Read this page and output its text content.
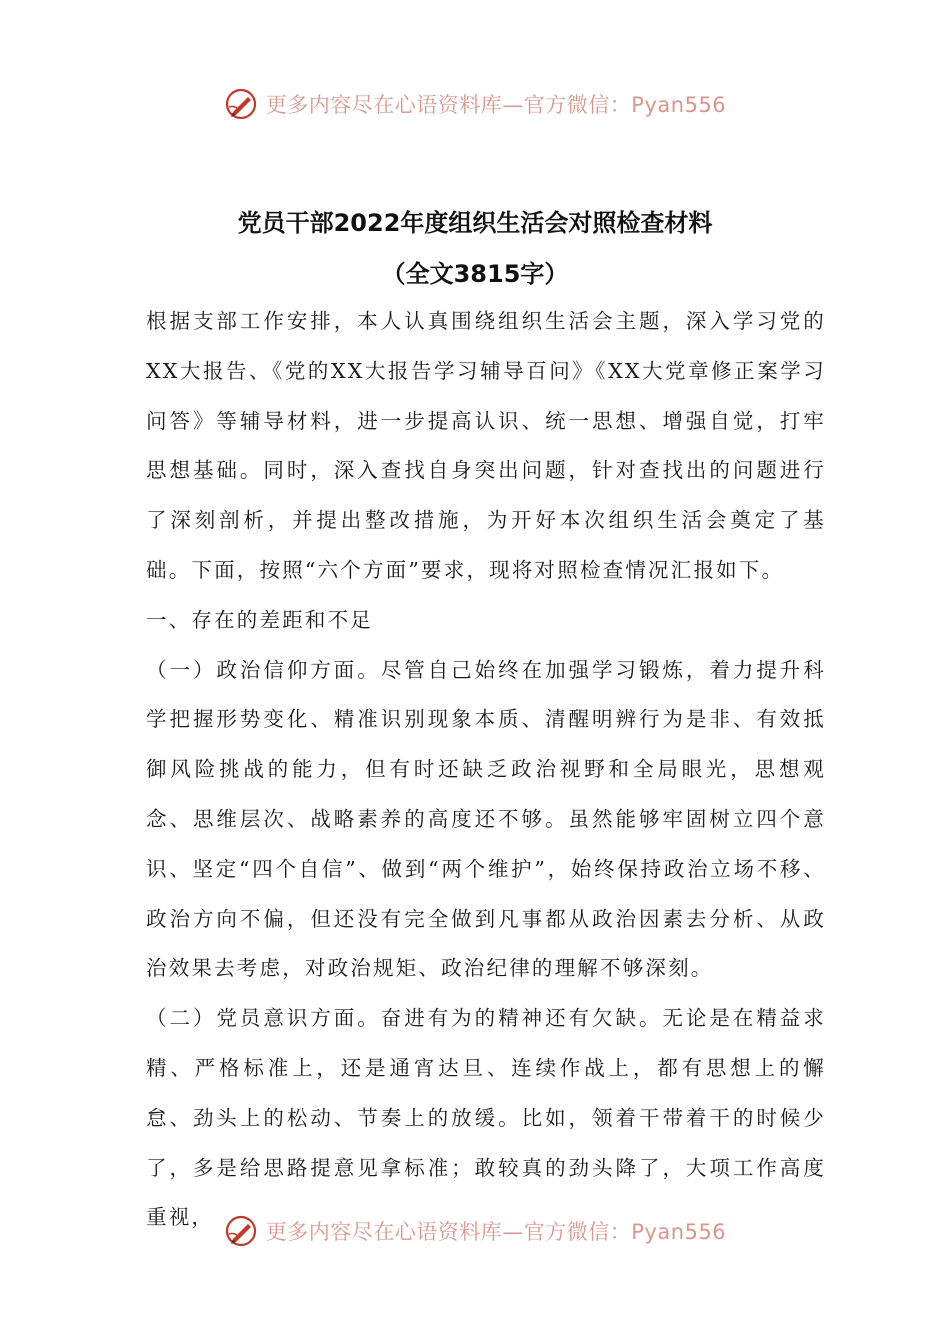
更多内容尽在心语资料库—官方微信：Pyan556
党员干部2022年度组织生活会对照检查材料
（全文3815字）

根据支部工作安排，本人认真围绕组织生活会主题，深入学习党的XX大报告、《党的XX大报告学习辅导百问》《XX大党章修正案学习问答》等辅导材料，进一步提高认识、统一思想、增强自觉，打牢思想基础。同时，深入查找自身突出问题，针对查找出的问题进行了深刻剖析，并提出整改措施，为开好本次组织生活会奠定了基础。下面，按照“六个方面”要求，现将对照检查情况汇报如下。

一、存在的差距和不足

（一）政治信仰方面。尽管自己始终在加强学习锻炼，着力提升科学把握形势变化、精准识别现象本质、清醒明辨行为是非、有效抵御风险挑战的能力，但有时还缺乏政治视野和全局眼光，思想观念、思维层次、战略素养的高度还不够。虽然能够牢固树立四个意识、坚定“四个自信”、做到“两个维护”，始终保持政治立场不移、政治方向不偏，但还没有完全做到凡事都从政治因素去分析、从政治效果去考虑，对政治规矩、政治纪律的理解不够深刻。

（二）党员意识方面。奋进有为的精神还有欠缺。无论是在精益求精、严格标准上，还是通宵达旦、连续作战上，都有思想上的懈怠、劲头上的松动、节奏上的放缓。比如，领着干带着干的时候少了，多是给思路提意见拿标准；敢较真的劲头降了，大项工作高度重视，

更多内容尽在心语资料库—官方微信：Pyan556
